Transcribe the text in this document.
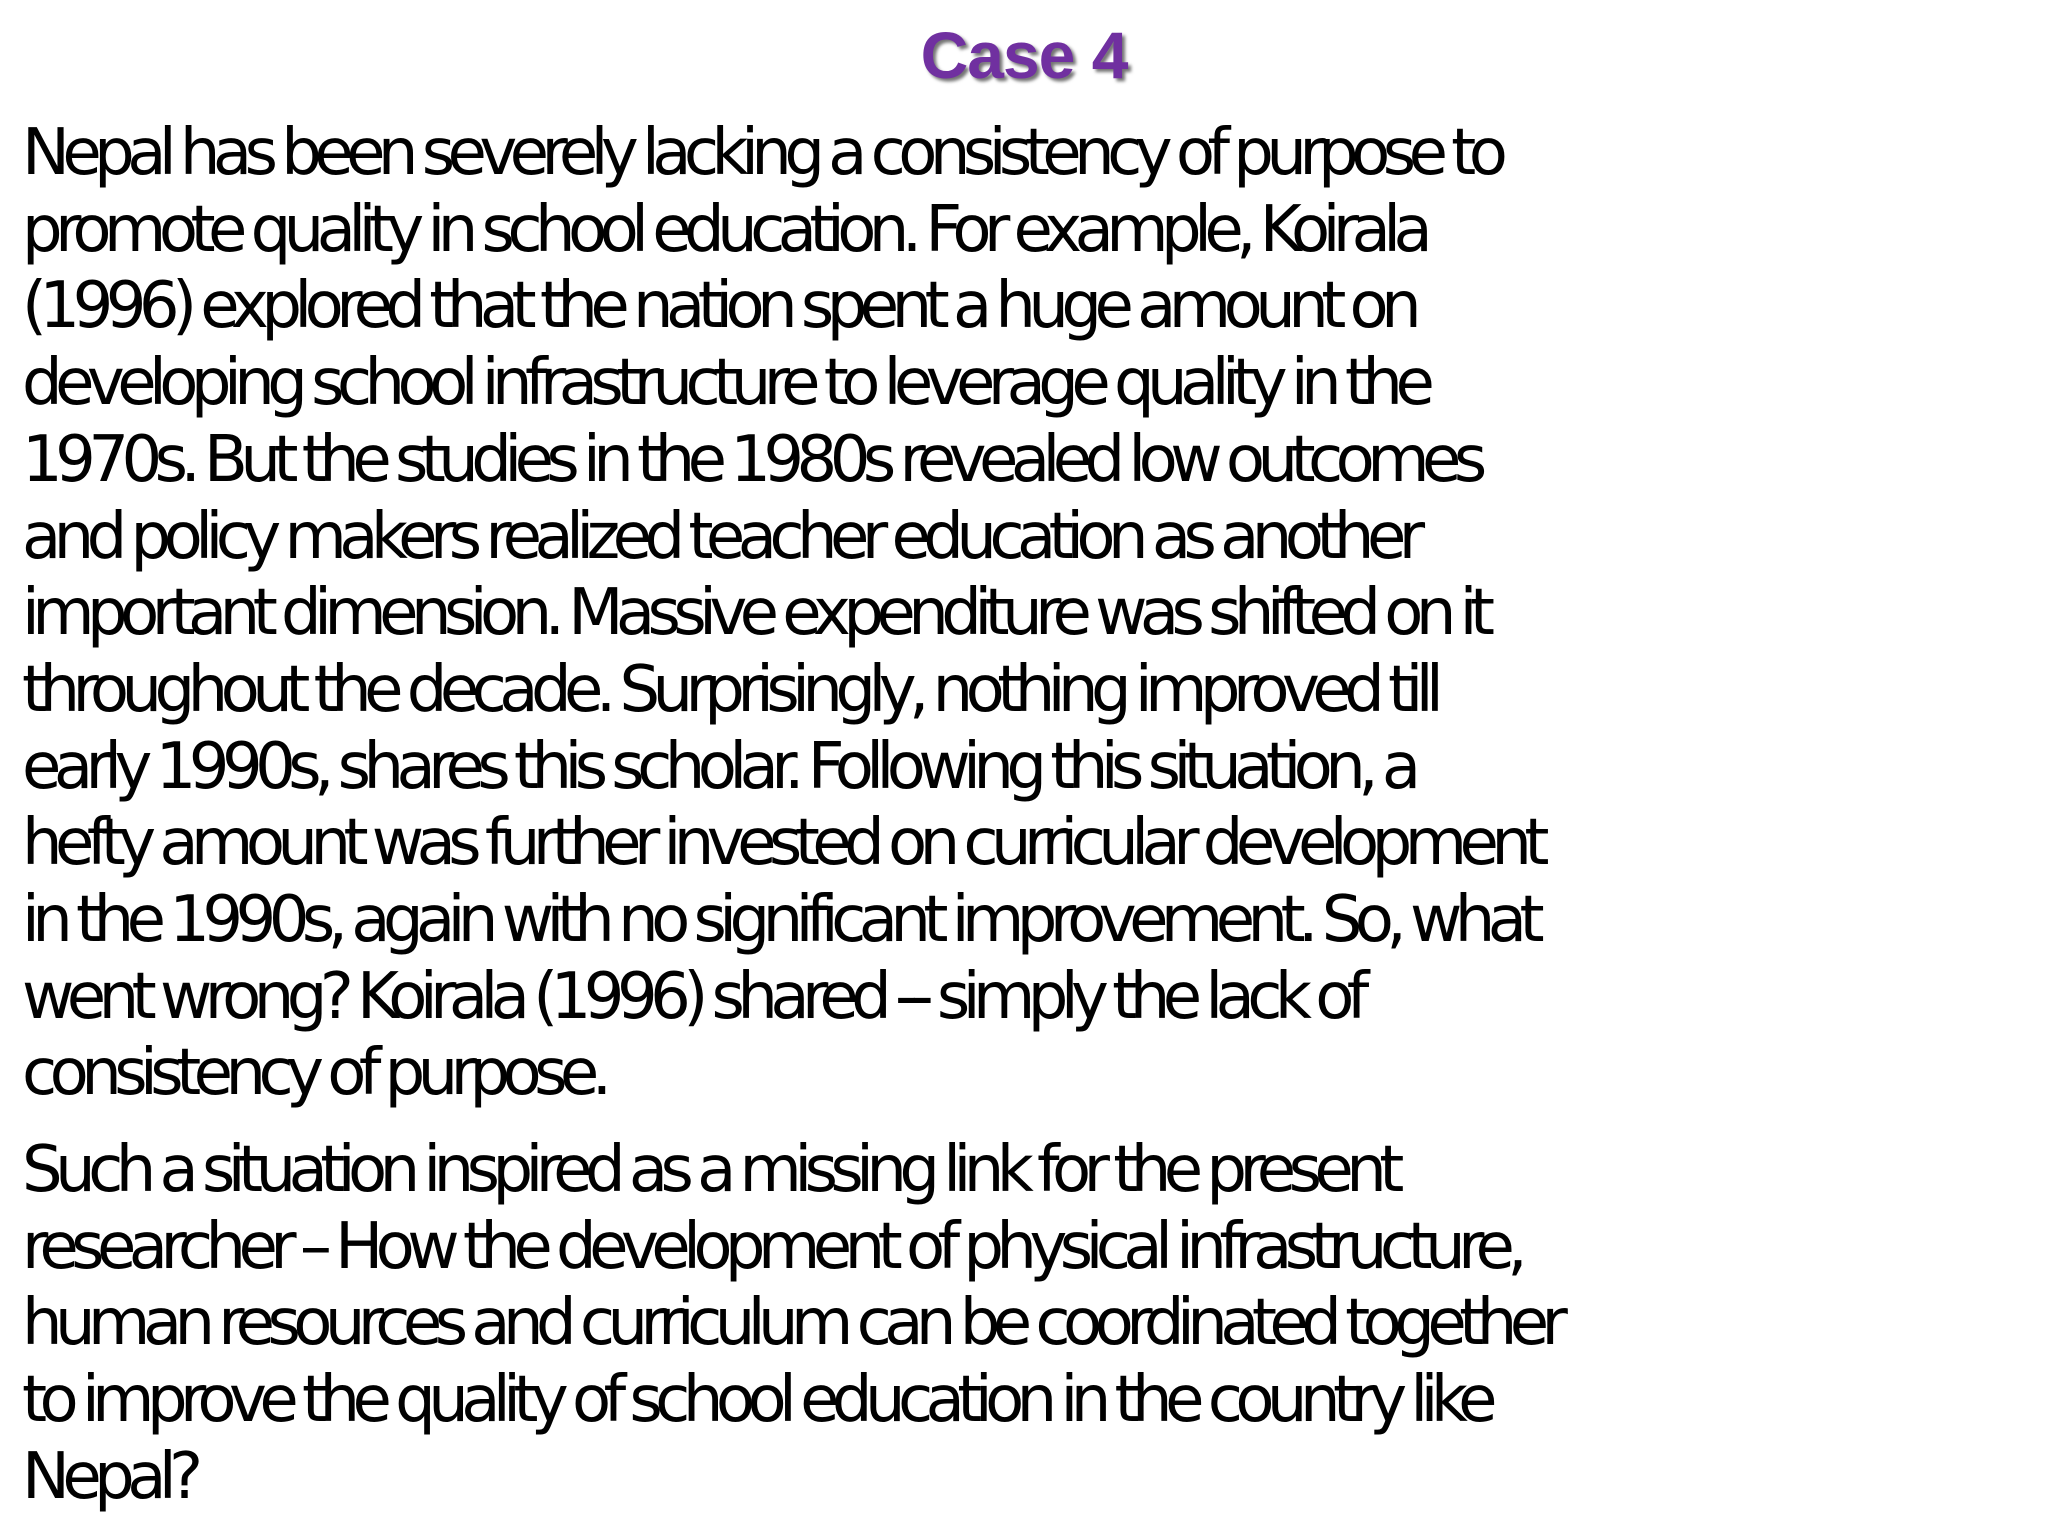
Case 4

Nepal has been severely lacking a consistency of purpose to
promote quality in school education. For example, Koirala
(1996) explored that the nation spent a huge amount on
developing school infrastructure to leverage quality in the
1970s. But the studies in the 1980s revealed low outcomes
and policy makers realized teacher education as another
important dimension. Massive expenditure was shifted on it
throughout the decade. Surprisingly, nothing improved till
early 1990s, shares this scholar. Following this situation, a
hefty amount was further invested on curricular development
in the 1990s, again with no significant improvement. So, what
went wrong? Koirala (1996) shared -- simply the lack of
consistency of purpose.

Such a situation inspired as a missing link for the present
researcher – How the development of physical infrastructure,
human resources and curriculum can be coordinated together
to improve the quality of school education in the country like
Nepal?
